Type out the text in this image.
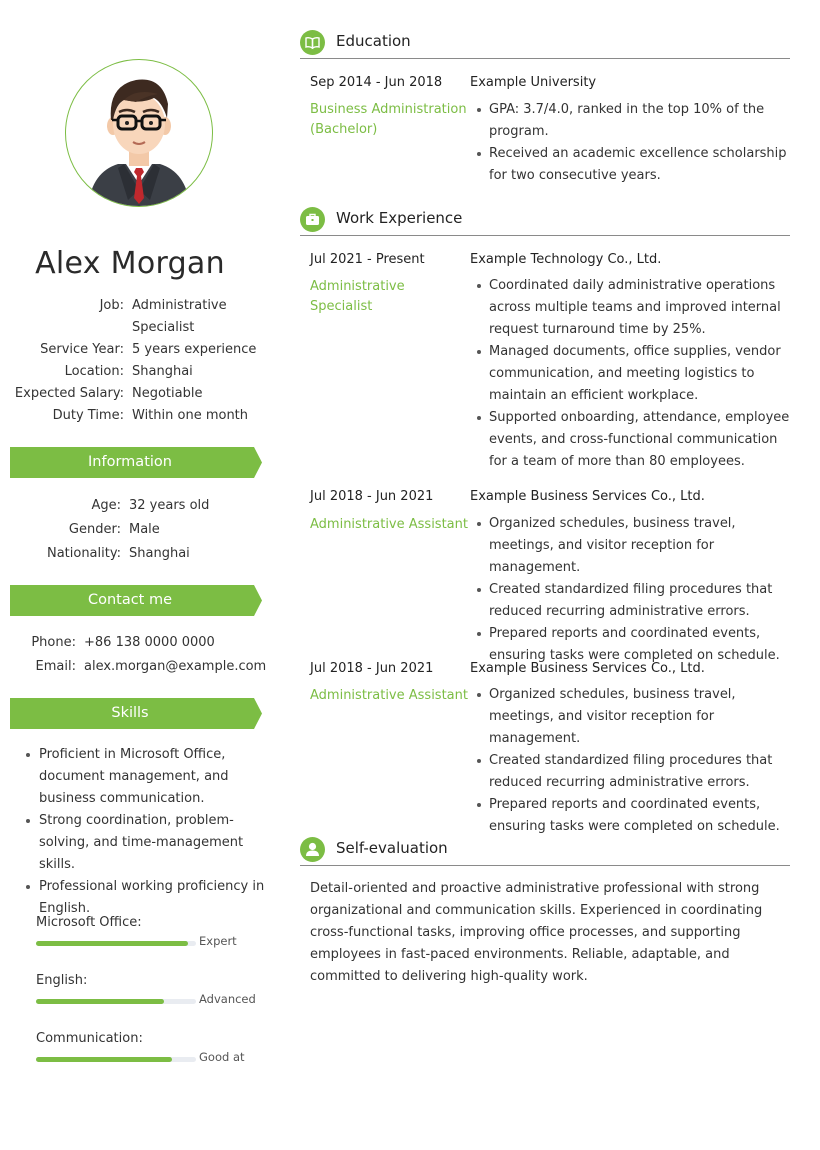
Alex Morgan
Job: Administrative Specialist
Service Year: 5 years experience
Location: Shanghai
Expected Salary: Negotiable
Duty Time: Within one month
Information
Age: 32 years old
Gender: Male
Nationality: Shanghai
Contact me
Phone: +86 138 0000 0000
Email: alex.morgan@example.com
Skills
Proficient in Microsoft Office, document management, and business communication.
Strong coordination, problem-solving, and time-management skills.
Professional working proficiency in English.
Microsoft Office:
Expert
English:
Advanced
Communication:
Good at
Education
Sep 2014 - Jun 2018 Example University
Business Administration (Bachelor)
GPA: 3.7/4.0, ranked in the top 10% of the program.
Received an academic excellence scholarship for two consecutive years.
Work Experience
Jul 2021 - Present	Example Technology Co., Ltd.
Administrative Specialist
Coordinated daily administrative operations across multiple teams and improved internal request turnaround time by 25%.
Managed documents, office supplies, vendor communication, and meeting logistics to maintain an efficient workplace.
Supported onboarding, attendance, employee events, and cross-functional communication for a team of more than 80 employees.
Jul 2018 - Jun 2021	Example Business Services Co., Ltd.
Administrative Assistant	Organized schedules, business travel, meetings, and visitor reception for management.
Created standardized filing procedures that reduced recurring administrative errors.
Prepared reports and coordinated events, ensuring tasks were completed on schedule.
Jul 2018 - Jun 2021	Example Business Services Co., Ltd.
Administrative Assistant	Organized schedules, business travel, meetings, and visitor reception for management.
Created standardized filing procedures that reduced recurring administrative errors.
Prepared reports and coordinated events, ensuring tasks were completed on schedule.
Self-evaluation
Detail-oriented and proactive administrative professional with strong organizational and communication skills. Experienced in coordinating cross-functional tasks, improving office processes, and supporting employees in fast-paced environments. Reliable, adaptable, and committed to delivering high-quality work.
